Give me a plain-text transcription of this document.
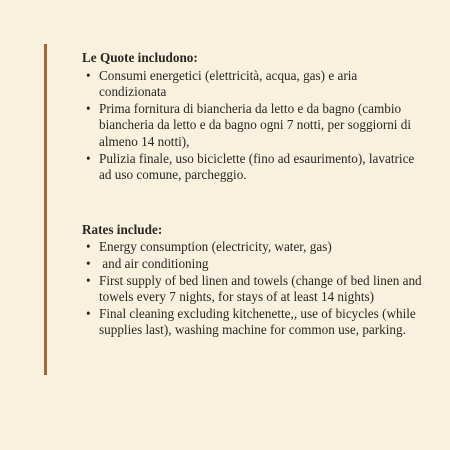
Le Quote includono:
• Consumi energetici (elettricità, acqua, gas) e aria condizionata
• Prima fornitura di biancheria da letto e da bagno (cambio biancheria da letto e da bagno ogni 7 notti, per soggiorni di almeno 14 notti),
• Pulizia finale, uso biciclette (fino ad esaurimento), lavatrice ad uso comune, parcheggio.
Rates include:
• Energy consumption (electricity, water, gas)
• and air conditioning
• First supply of bed linen and towels (change of bed linen and towels every 7 nights, for stays of at least 14 nights)
• Final cleaning excluding kitchenette,, use of bicycles (while supplies last), washing machine for common use, parking.
